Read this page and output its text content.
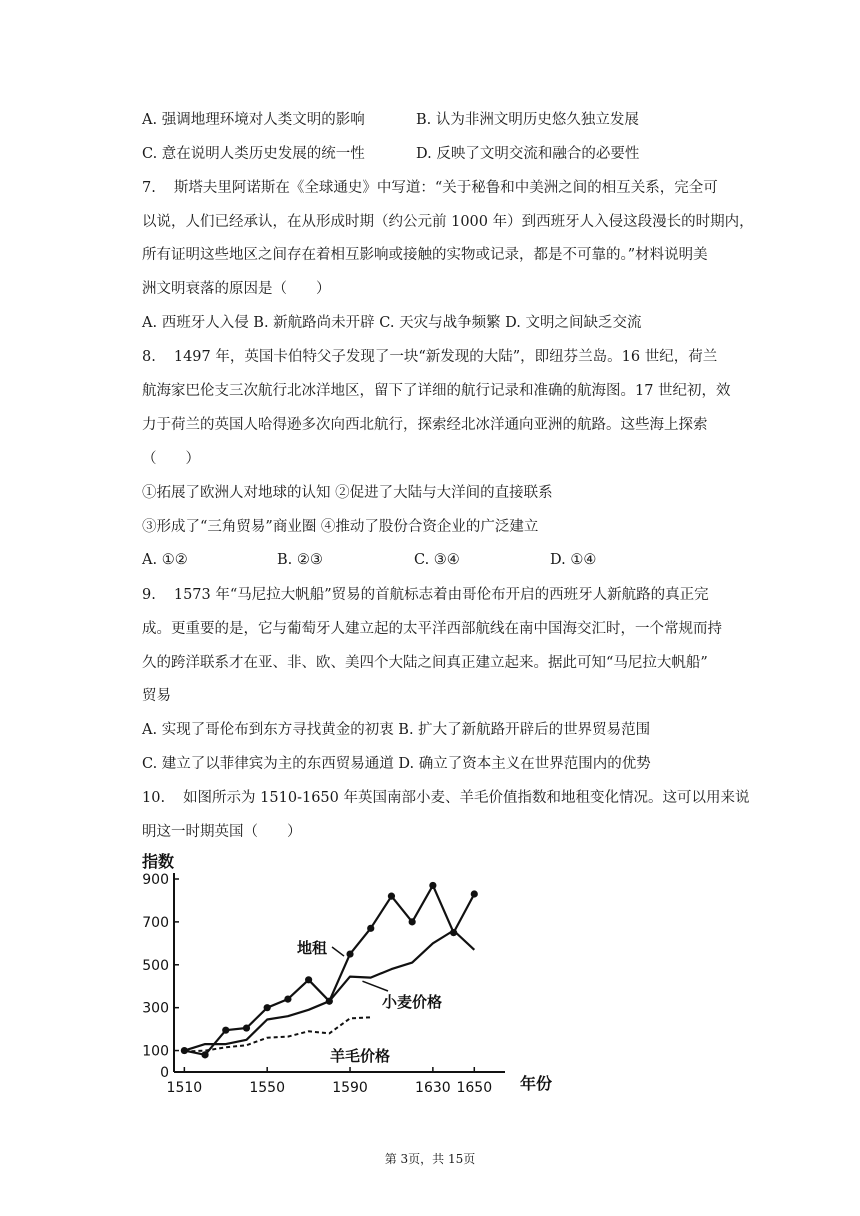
A. 强调地理环境对人类文明的影响	B. 认为非洲文明历史悠久独立发展
C. 意在说明人类历史发展的统一性	D. 反映了文明交流和融合的必要性
7. 斯塔夫里阿诺斯在《全球通史》中写道：“关于秘鲁和中美洲之间的相互关系，完全可
以说，人们已经承认，在从形成时期（约公元前 1000 年）到西班牙人入侵这段漫长的时期内，
所有证明这些地区之间存在着相互影响或接触的实物或记录，都是不可靠的。”材料说明美
洲文明衰落的原因是（　　）
A. 西班牙人入侵 B. 新航路尚未开辟 C. 天灾与战争频繁 D. 文明之间缺乏交流
8. 1497 年，英国卡伯特父子发现了一块“新发现的大陆”，即纽芬兰岛。16 世纪，荷兰
航海家巴伦支三次航行北冰洋地区，留下了详细的航行记录和准确的航海图。17 世纪初，效
力于荷兰的英国人哈得逊多次向西北航行，探索经北冰洋通向亚洲的航路。这些海上探索
（　　）
①拓展了欧洲人对地球的认知 ②促进了大陆与大洋间的直接联系
③形成了“三角贸易”商业圈 ④推动了股份合资企业的广泛建立
A. ①②	B. ②③	C. ③④	D. ①④
9. 1573 年“马尼拉大帆船”贸易的首航标志着由哥伦布开启的西班牙人新航路的真正完
成。更重要的是，它与葡萄牙人建立起的太平洋西部航线在南中国海交汇时，一个常规而持
久的跨洋联系才在亚、非、欧、美四个大陆之间真正建立起来。据此可知“马尼拉大帆船”
贸易
A. 实现了哥伦布到东方寻找黄金的初衷 B. 扩大了新航路开辟后的世界贸易范围
C. 建立了以菲律宾为主的东西贸易通道 D. 确立了资本主义在世界范围内的优势
10. 如图所示为 1510-1650 年英国南部小麦、羊毛价值指数和地租变化情况。这可以用来说
明这一时期英国（　　）
0
100
300
500
700
900
1510	1550	1590	1630 1650
指数
年份
地租
小麦价格
羊毛价格
第 3页，共 15页
